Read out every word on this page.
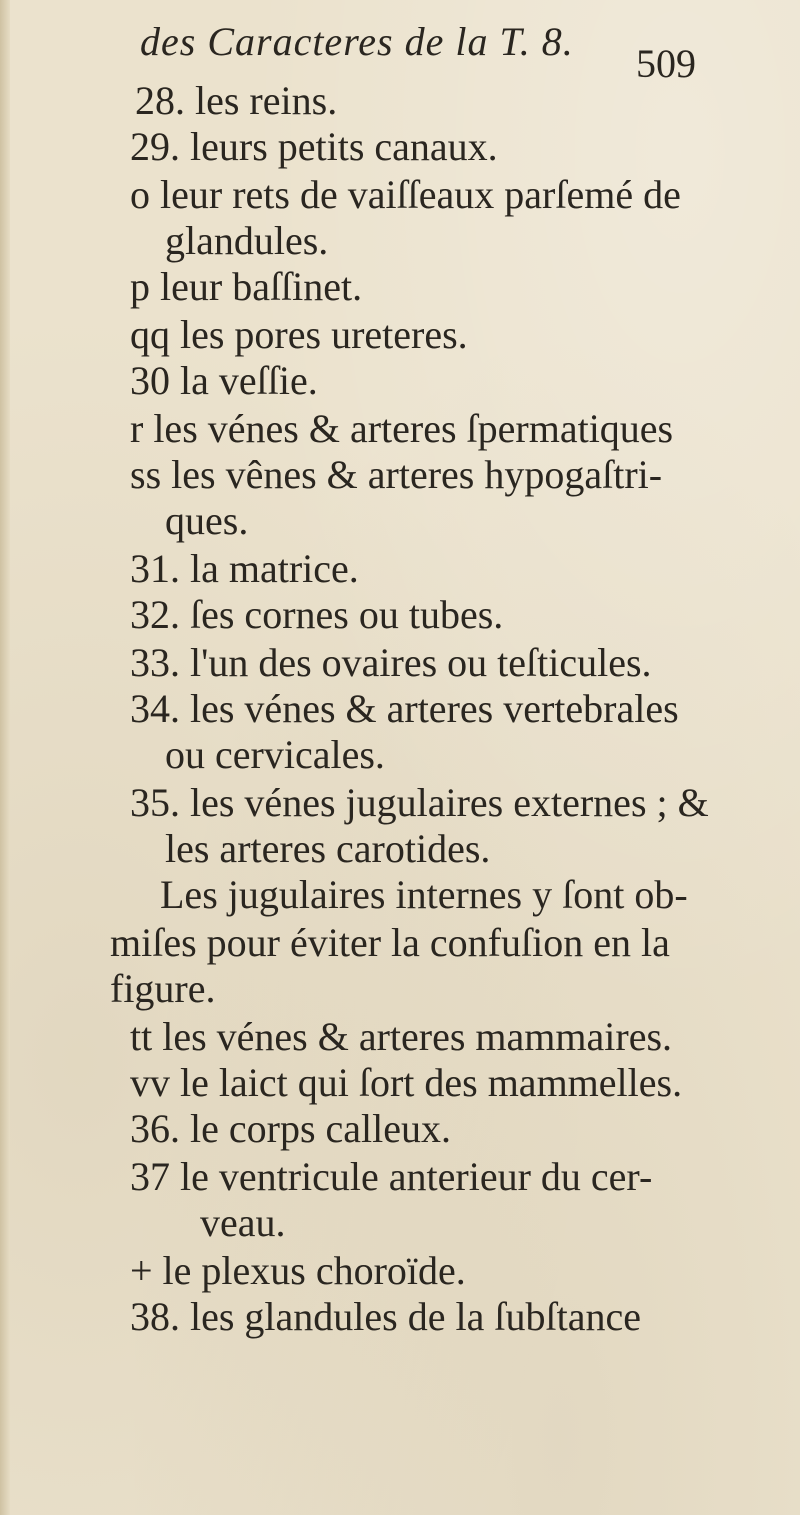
des Caracteres de la T. 8. 509
28. les reins.
29. leurs petits canaux.
o leur rets de vaiſſeaux parſemé de
glandules.
p leur baſſinet.
qq les pores ureteres.
30 la veſſie.
r les vénes & arteres ſpermatiques
ss les vênes & arteres hypogaſtri-
ques.
31. la matrice.
32. ſes cornes ou tubes.
33. l'un des ovaires ou teſticules.
34. les vénes & arteres vertebrales
ou cervicales.
35. les vénes jugulaires externes ; &
les arteres carotides.
Les jugulaires internes y ſont ob-
miſes pour éviter la confuſion en la
figure.
tt les vénes & arteres mammaires.
vv le laict qui ſort des mammelles.
36. le corps calleux.
37 le ventricule anterieur du cer-
veau.
+ le plexus choroïde.
38. les glandules de la ſubſtance
